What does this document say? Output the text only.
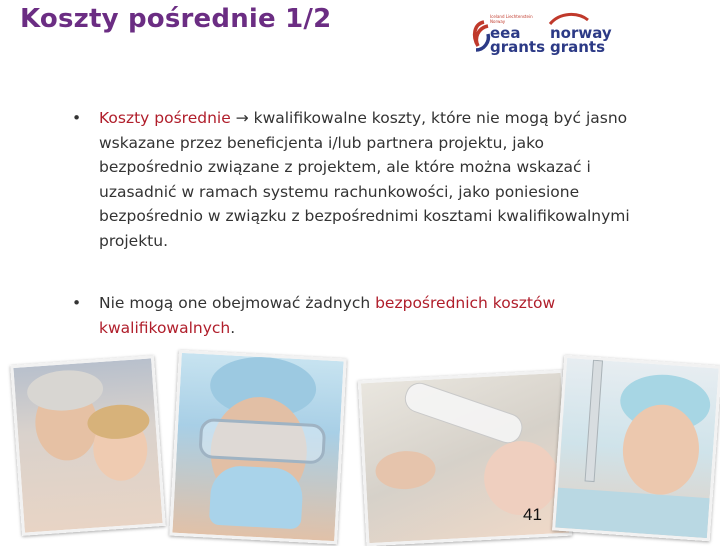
Koszty pośrednie 1/2	Iceland Liechtenstein Norway
eea
grants
norway
grants
• Koszty pośrednie → kwalifikowalne koszty, które nie mogą być jasno wskazane przez beneficjenta i/lub partnera projektu, jako bezpośrednio związane z projektem, ale które można wskazać i uzasadnić w ramach systemu rachunkowości, jako poniesione bezpośrednio w związku z bezpośrednimi kosztami kwalifikowalnymi projektu.
• Nie mogą one obejmować żadnych bezpośrednich kosztów kwalifikowalnych.
41
